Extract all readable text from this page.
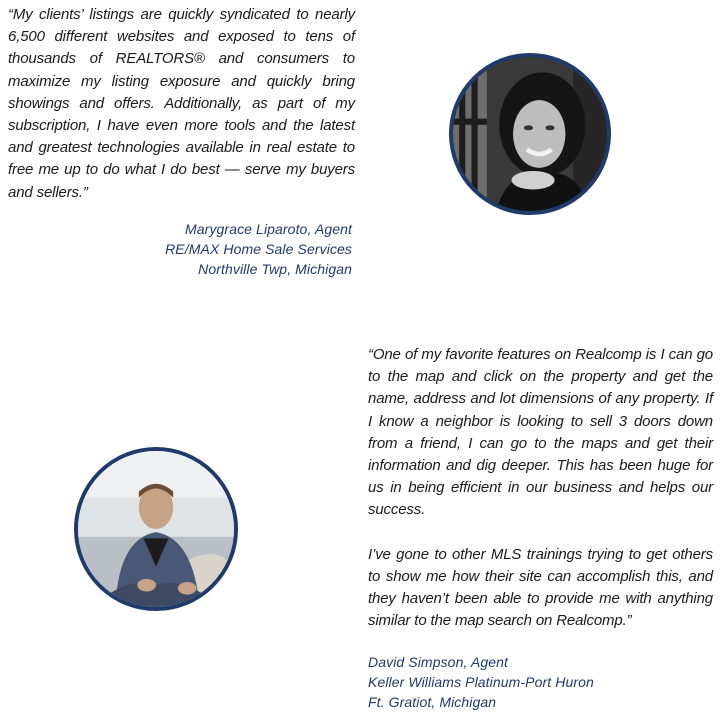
“My clients’ listings are quickly syndicated to nearly 6,500 different websites and exposed to tens of thousands of REALTORS® and consumers to maximize my listing exposure and quickly bring showings and offers. Additionally, as part of my subscription, I have even more tools and the latest and greatest technologies available in real estate to free me up to do what I do best — serve my buyers and sellers.”

Marygrace Liparoto, Agent
RE/MAX Home Sale Services
Northville Twp, Michigan

“One of my favorite features on Realcomp is I can go to the map and click on the property and get the name, address and lot dimensions of any property. If I know a neighbor is looking to sell 3 doors down from a friend, I can go to the maps and get their information and dig deeper. This has been huge for us in being efficient in our business and helps our success.

I’ve gone to other MLS trainings trying to get others to show me how their site can accomplish this, and they haven’t been able to provide me with anything similar to the map search on Realcomp.”

David Simpson, Agent
Keller Williams Platinum-Port Huron
Ft. Gratiot, Michigan
